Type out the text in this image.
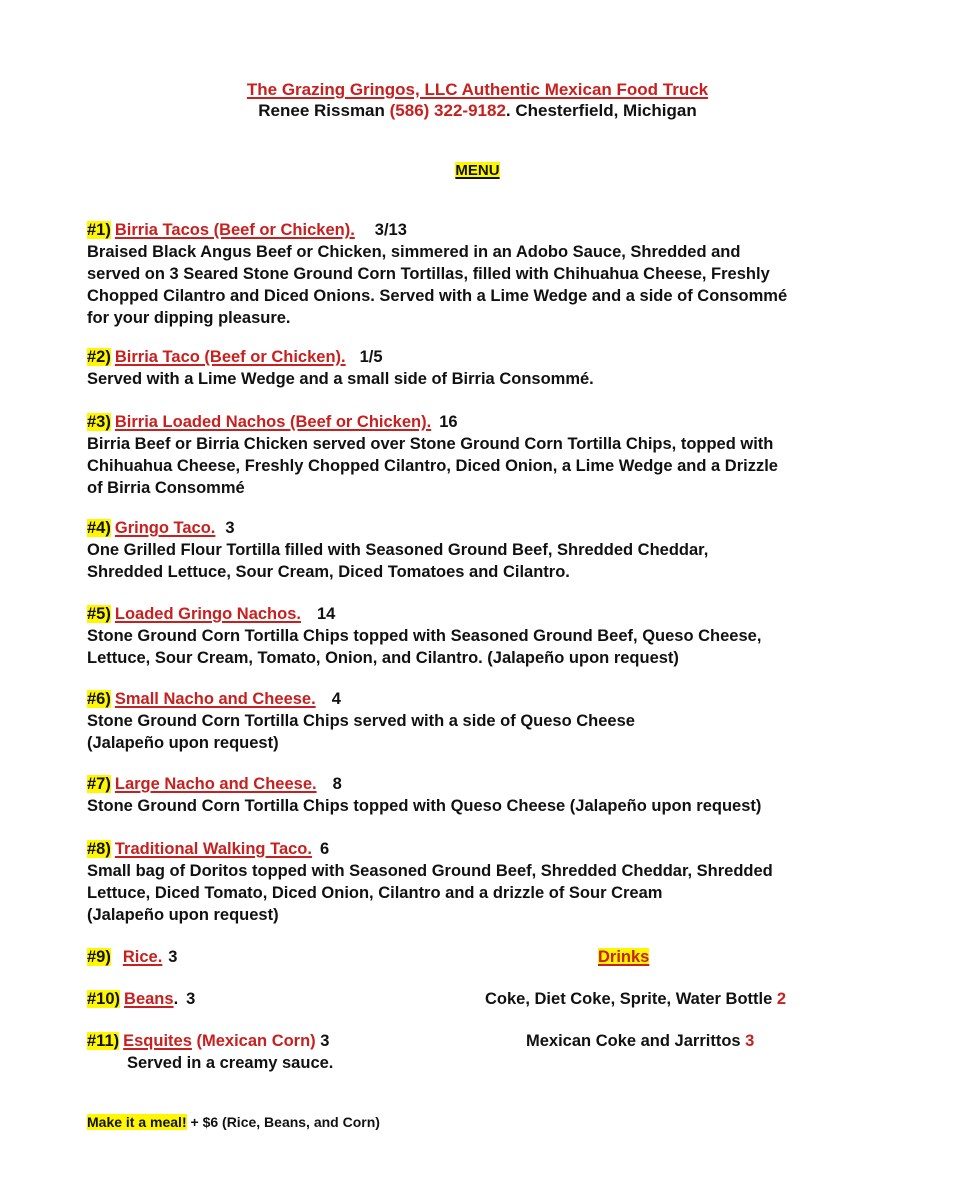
The Grazing Gringos, LLC Authentic Mexican Food Truck
Renee Rissman (586) 322-9182. Chesterfield, Michigan
MENU
#1) Birria Tacos (Beef or Chicken). 3/13
Braised Black Angus Beef or Chicken, simmered in an Adobo Sauce, Shredded and
served on 3 Seared Stone Ground Corn Tortillas, filled with Chihuahua Cheese, Freshly
Chopped Cilantro and Diced Onions. Served with a Lime Wedge and a side of Consommé
for your dipping pleasure.
#2) Birria Taco (Beef or Chicken). 1/5
Served with a Lime Wedge and a small side of Birria Consommé.
#3) Birria Loaded Nachos (Beef or Chicken). 16
Birria Beef or Birria Chicken served over Stone Ground Corn Tortilla Chips, topped with
Chihuahua Cheese, Freshly Chopped Cilantro, Diced Onion, a Lime Wedge and a Drizzle
of Birria Consommé
#4) Gringo Taco. 3
One Grilled Flour Tortilla filled with Seasoned Ground Beef, Shredded Cheddar,
Shredded Lettuce, Sour Cream, Diced Tomatoes and Cilantro.
#5) Loaded Gringo Nachos. 14
Stone Ground Corn Tortilla Chips topped with Seasoned Ground Beef, Queso Cheese,
Lettuce, Sour Cream, Tomato, Onion, and Cilantro. (Jalapeño upon request)
#6) Small Nacho and Cheese. 4
Stone Ground Corn Tortilla Chips served with a side of Queso Cheese
(Jalapeño upon request)
#7) Large Nacho and Cheese. 8
Stone Ground Corn Tortilla Chips topped with Queso Cheese (Jalapeño upon request)
#8) Traditional Walking Taco. 6
Small bag of Doritos topped with Seasoned Ground Beef, Shredded Cheddar, Shredded
Lettuce, Diced Tomato, Diced Onion, Cilantro and a drizzle of Sour Cream
(Jalapeño upon request)
#9) Rice. 3
#10) Beans. 3
#11) Esquites (Mexican Corn) 3
Served in a creamy sauce.
Drinks
Coke, Diet Coke, Sprite, Water Bottle 2
Mexican Coke and Jarrittos 3
Make it a meal! + $6 (Rice, Beans, and Corn)
